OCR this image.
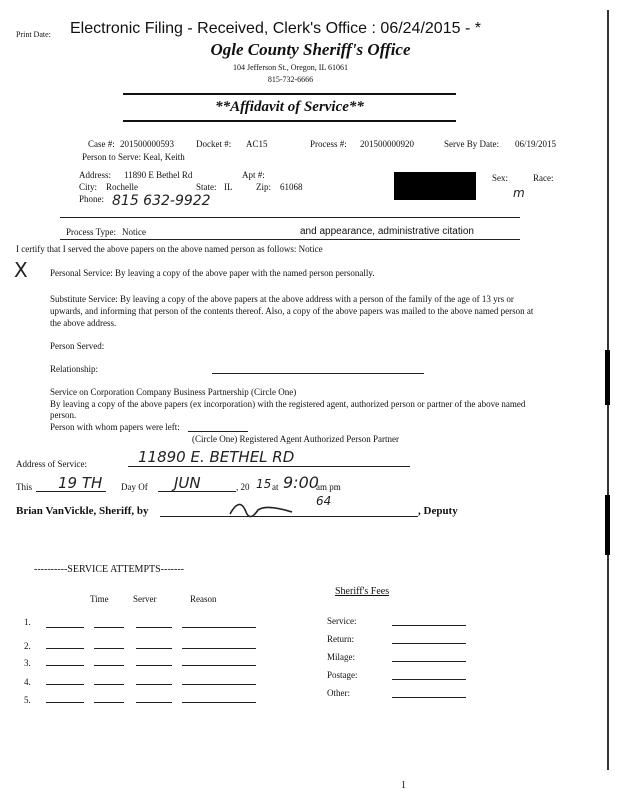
Print Date: Electronic Filing - Received, Clerk's Office : 06/24/2015 - *
Ogle County Sheriff's Office
104 Jefferson St., Oregon, IL 61061
815-732-6666
**Affidavit of Service**
Case #: 201500000593 Docket #: AC15	Process #: 201500000920	Serve By Date: 06/19/2015
Person to Serve: Keal, Keith
Address: 11890 E Bethel Rd	Apt #:
City: Rochelle	State: IL	Zip: 61068
Phone: 815 632-9922
Sex:	Race:
m
Process Type: Notice	and appearance, administrative citation
I certify that I served the above papers on the above named person as follows: Notice
X Personal Service: By leaving a copy of the above paper with the named person personally.
Substitute Service: By leaving a copy of the above papers at the above address with a person of the family of the age of 13 yrs or
upwards, and informing that person of the contents thereof. Also, a copy of the above papers was mailed to the above named person at
the above address.
Person Served:
Relationship:
Service on Corporation Company Business Partnership (Circle One)
By leaving a copy of the above papers (ex incorporation) with the registered agent, authorized person or partner of the above named
person.
Person with whom papers were left:
(Circle One) Registered Agent Authorized Person Partner
Address of Service:	11890 E. BETHEL RD
This 19 TH Day Of JUN	, 20 15 at 9:00
am pm
Brian VanVickle, Sheriff, by
64
, Deputy
----------SERVICE ATTEMPTS-------
Time	Server	Reason
1.
2.
3.
4.
5.
Sheriff's Fees
Service:
Return:
Milage:
Postage:
Other:
1
